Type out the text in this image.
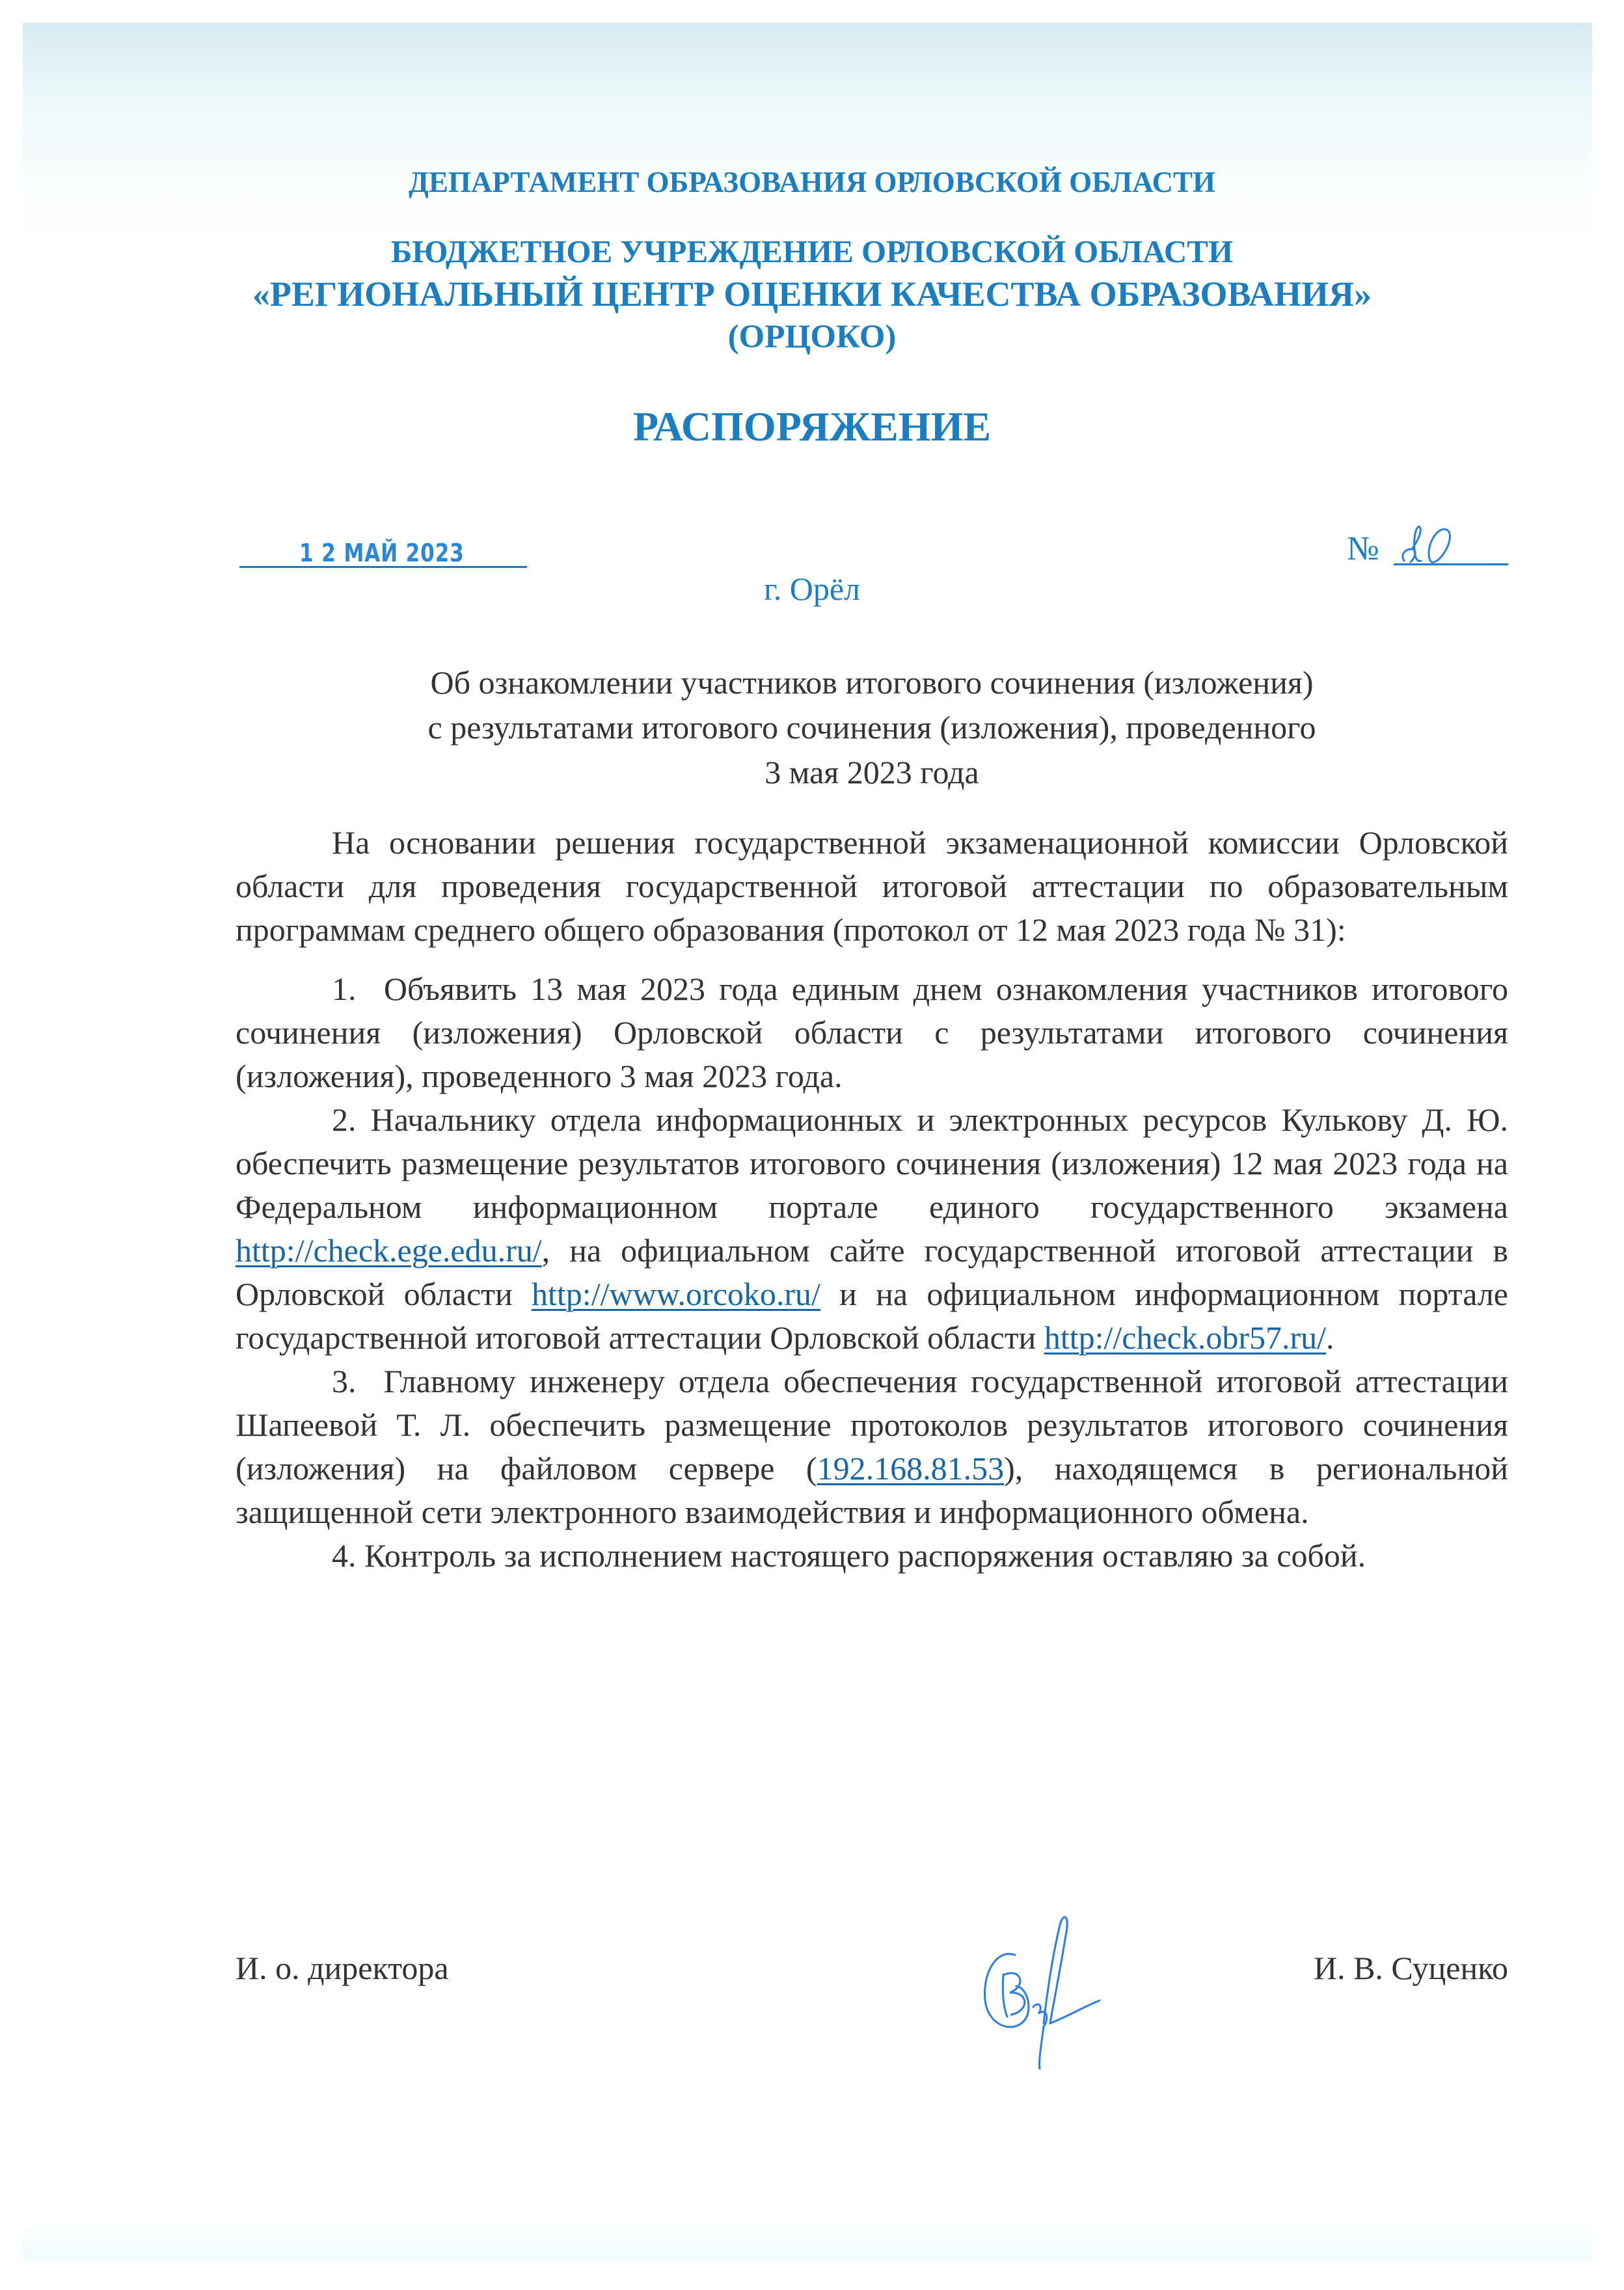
ДЕПАРТАМЕНТ ОБРАЗОВАНИЯ ОРЛОВСКОЙ ОБЛАСТИ
БЮДЖЕТНОЕ УЧРЕЖДЕНИЕ ОРЛОВСКОЙ ОБЛАСТИ
«РЕГИОНАЛЬНЫЙ ЦЕНТР ОЦЕНКИ КАЧЕСТВА ОБРАЗОВАНИЯ»
(ОРЦОКО)
РАСПОРЯЖЕНИЕ
1 2 МАЙ 2023	№
г. Орёл
Об ознакомлении участников итогового сочинения (изложения)
с результатами итогового сочинения (изложения), проведенного
3 мая 2023 года

На основании решения государственной экзаменационной комиссии Орловской области для проведения государственной итоговой аттестации по образовательным программам среднего общего образования (протокол от 12 мая 2023 года № 31):

1. Объявить 13 мая 2023 года единым днем ознакомления участников итогового сочинения (изложения) Орловской области с результатами итогового сочинения (изложения), проведенного 3 мая 2023 года.

2. Начальнику отдела информационных и электронных ресурсов Кулькову Д. Ю. обеспечить размещение результатов итогового сочинения (изложения) 12 мая 2023 года на Федеральном информационном портале единого государственного экзамена http://check.ege.edu.ru/, на официальном сайте государственной итоговой аттестации в Орловской области http://www.orcoko.ru/ и на официальном информационном портале государственной итоговой аттестации Орловской области http://check.obr57.ru/.

3. Главному инженеру отдела обеспечения государственной итоговой аттестации Шапеевой Т. Л. обеспечить размещение протоколов результатов итогового сочинения (изложения) на файловом сервере (192.168.81.53), находящемся в региональной защищенной сети электронного взаимодействия и информационного обмена.

4. Контроль за исполнением настоящего распоряжения оставляю за собой.

И. о. директора	И. В. Суценко
